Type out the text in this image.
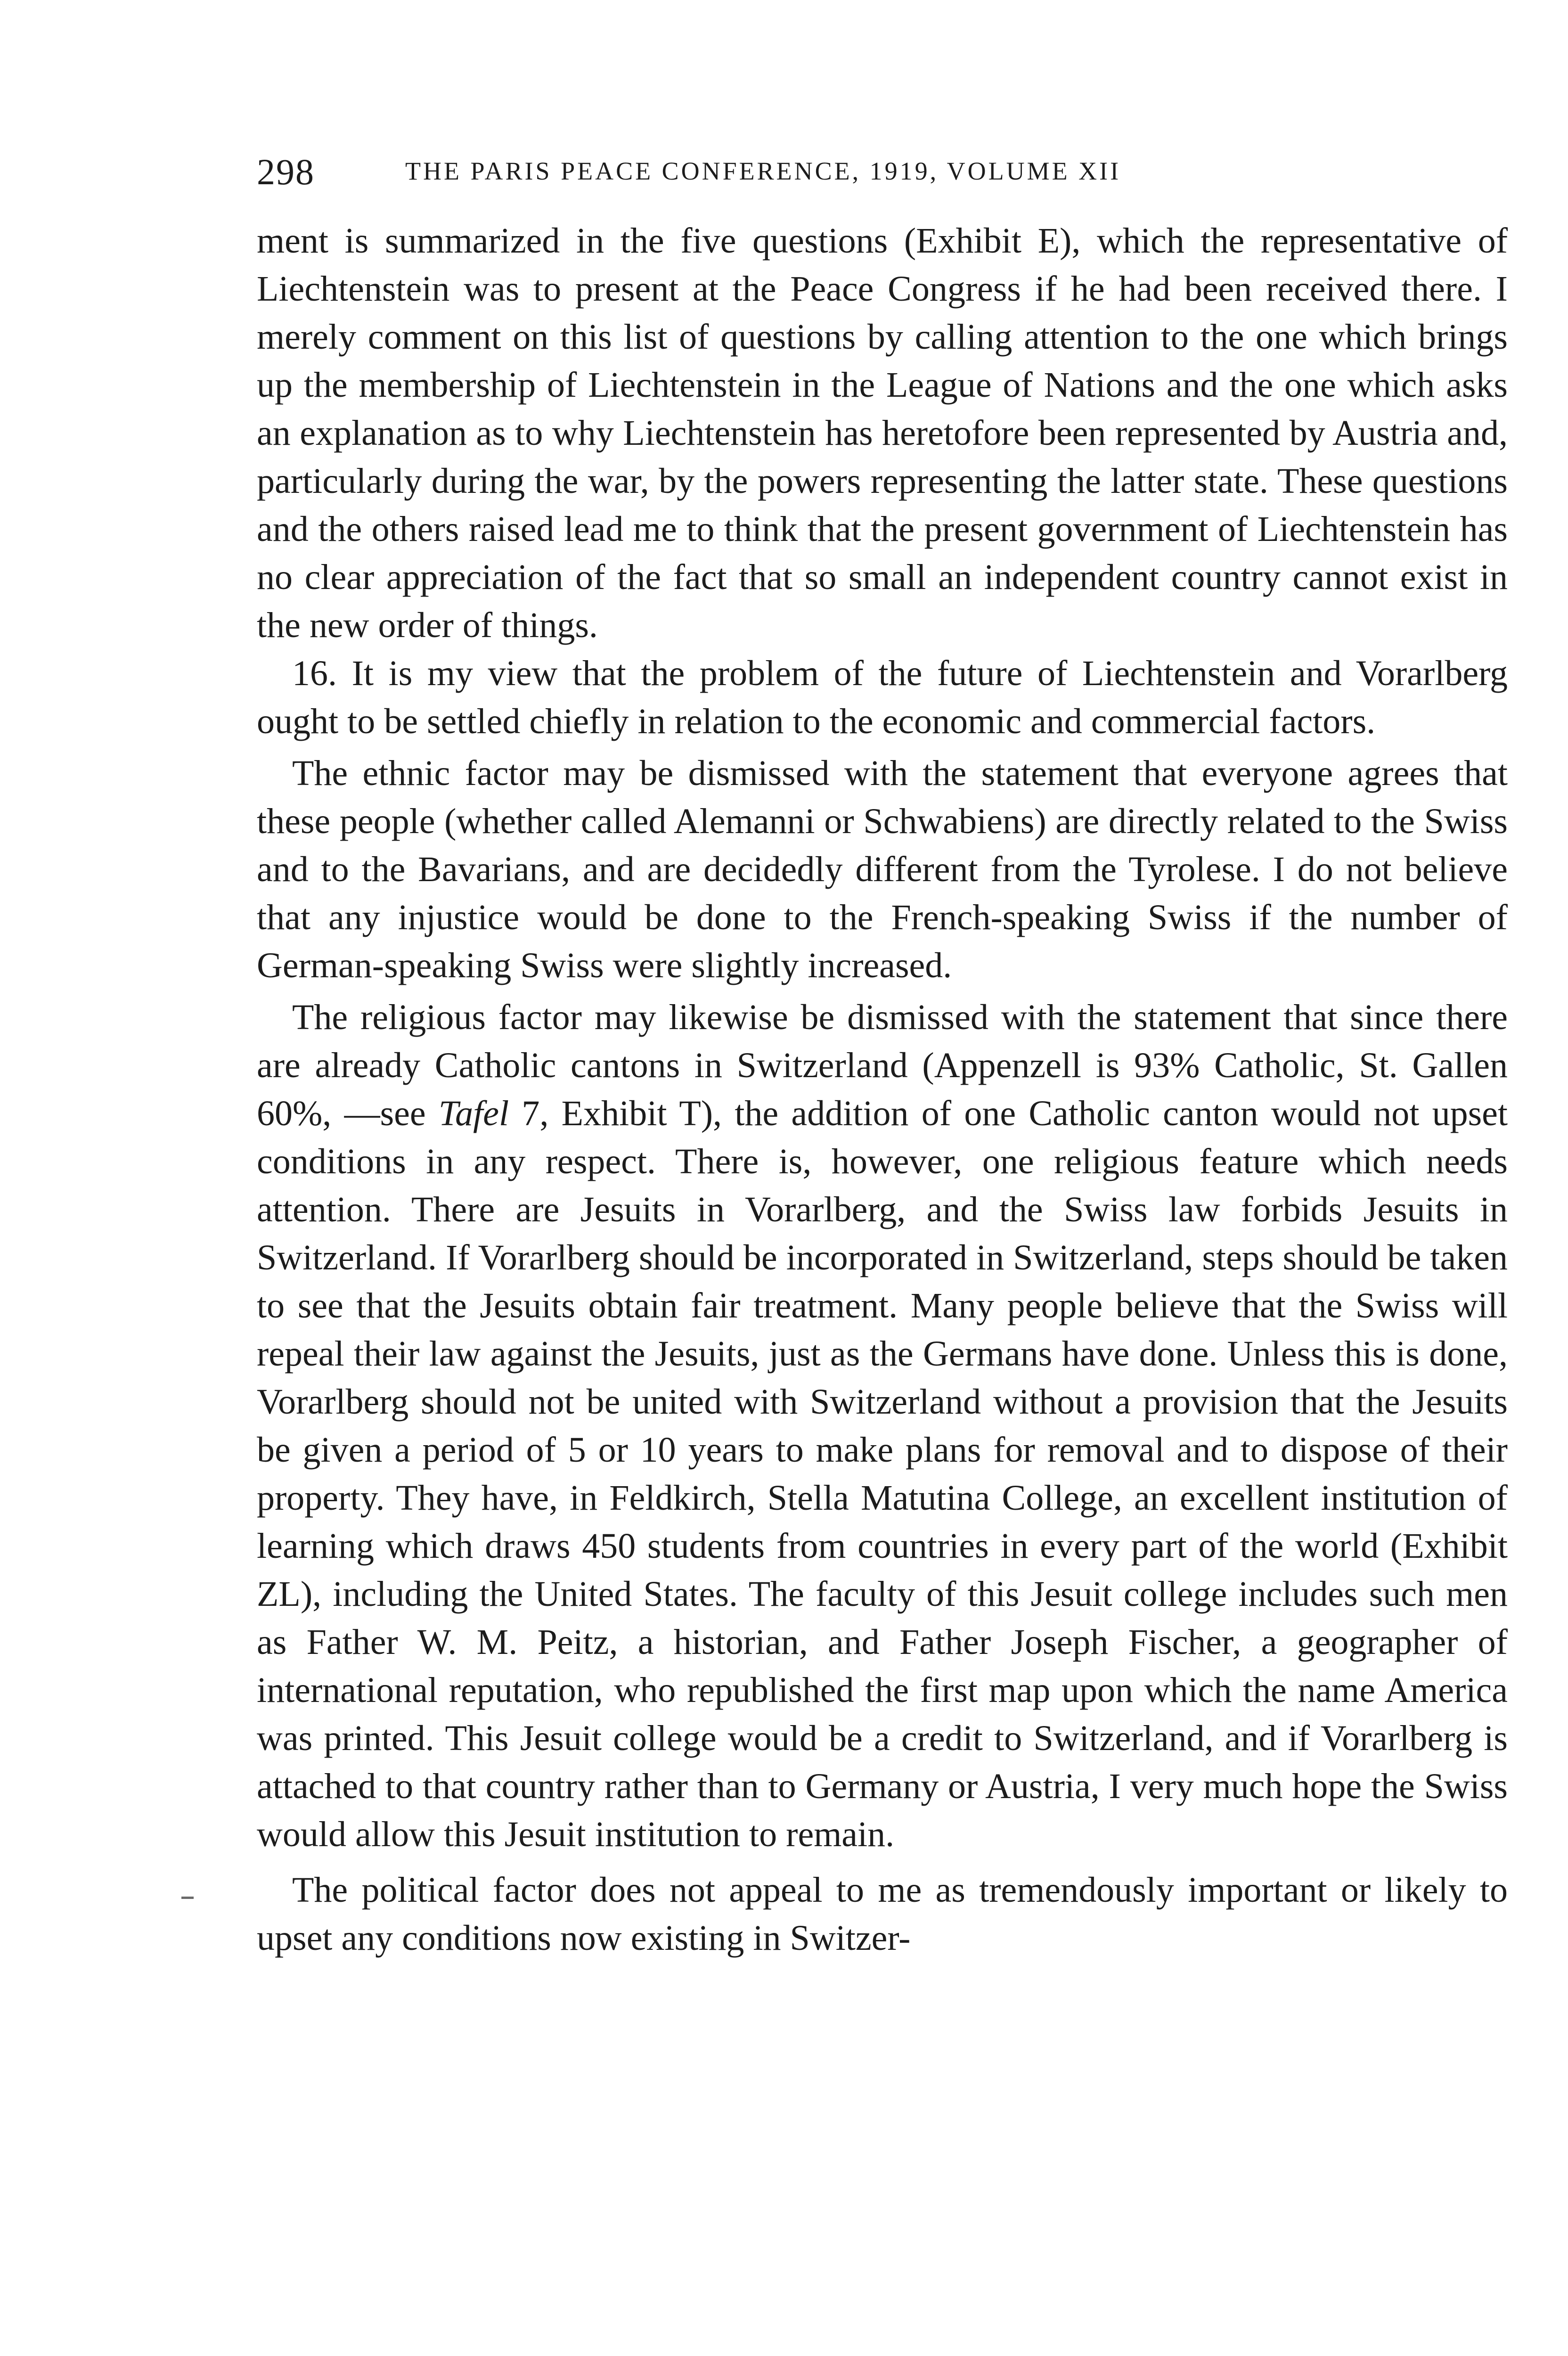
298	THE PARIS PEACE CONFERENCE, 1919, VOLUME XII

ment is summarized in the five questions (Exhibit E), which the representative of Liechtenstein was to present at the Peace Congress if he had been received there. I merely comment on this list of questions by calling attention to the one which brings up the membership of Liechtenstein in the League of Nations and the one which asks an explanation as to why Liechtenstein has heretofore been represented by Austria and, particularly during the war, by the powers representing the latter state. These questions and the others raised lead me to think that the present government of Liechtenstein has no clear appreciation of the fact that so small an independent country cannot exist in the new order of things.

16. It is my view that the problem of the future of Liechtenstein and Vorarlberg ought to be settled chiefly in relation to the economic and commercial factors.

The ethnic factor may be dismissed with the statement that everyone agrees that these people (whether called Alemanni or Schwabiens) are directly related to the Swiss and to the Bavarians, and are decidedly different from the Tyrolese. I do not believe that any injustice would be done to the French-speaking Swiss if the number of German-speaking Swiss were slightly increased.

The religious factor may likewise be dismissed with the statement that since there are already Catholic cantons in Switzerland (Appenzell is 93% Catholic, St. Gallen 60%, —see Tafel 7, Exhibit T), the addition of one Catholic canton would not upset conditions in any respect. There is, however, one religious feature which needs attention. There are Jesuits in Vorarlberg, and the Swiss law forbids Jesuits in Switzerland. If Vorarlberg should be incorporated in Switzerland, steps should be taken to see that the Jesuits obtain fair treatment. Many people believe that the Swiss will repeal their law against the Jesuits, just as the Germans have done. Unless this is done, Vorarlberg should not be united with Switzerland without a provision that the Jesuits be given a period of 5 or 10 years to make plans for removal and to dispose of their property. They have, in Feldkirch, Stella Matutina College, an excellent institution of learning which draws 450 students from countries in every part of the world (Exhibit ZL), including the United States. The faculty of this Jesuit college includes such men as Father W. M. Peitz, a historian, and Father Joseph Fischer, a geographer of international reputation, who republished the first map upon which the name America was printed. This Jesuit college would be a credit to Switzerland, and if Vorarlberg is attached to that country rather than to Germany or Austria, I very much hope the Swiss would allow this Jesuit institution to remain.

The political factor does not appeal to me as tremendously important or likely to upset any conditions now existing in Switzer-
